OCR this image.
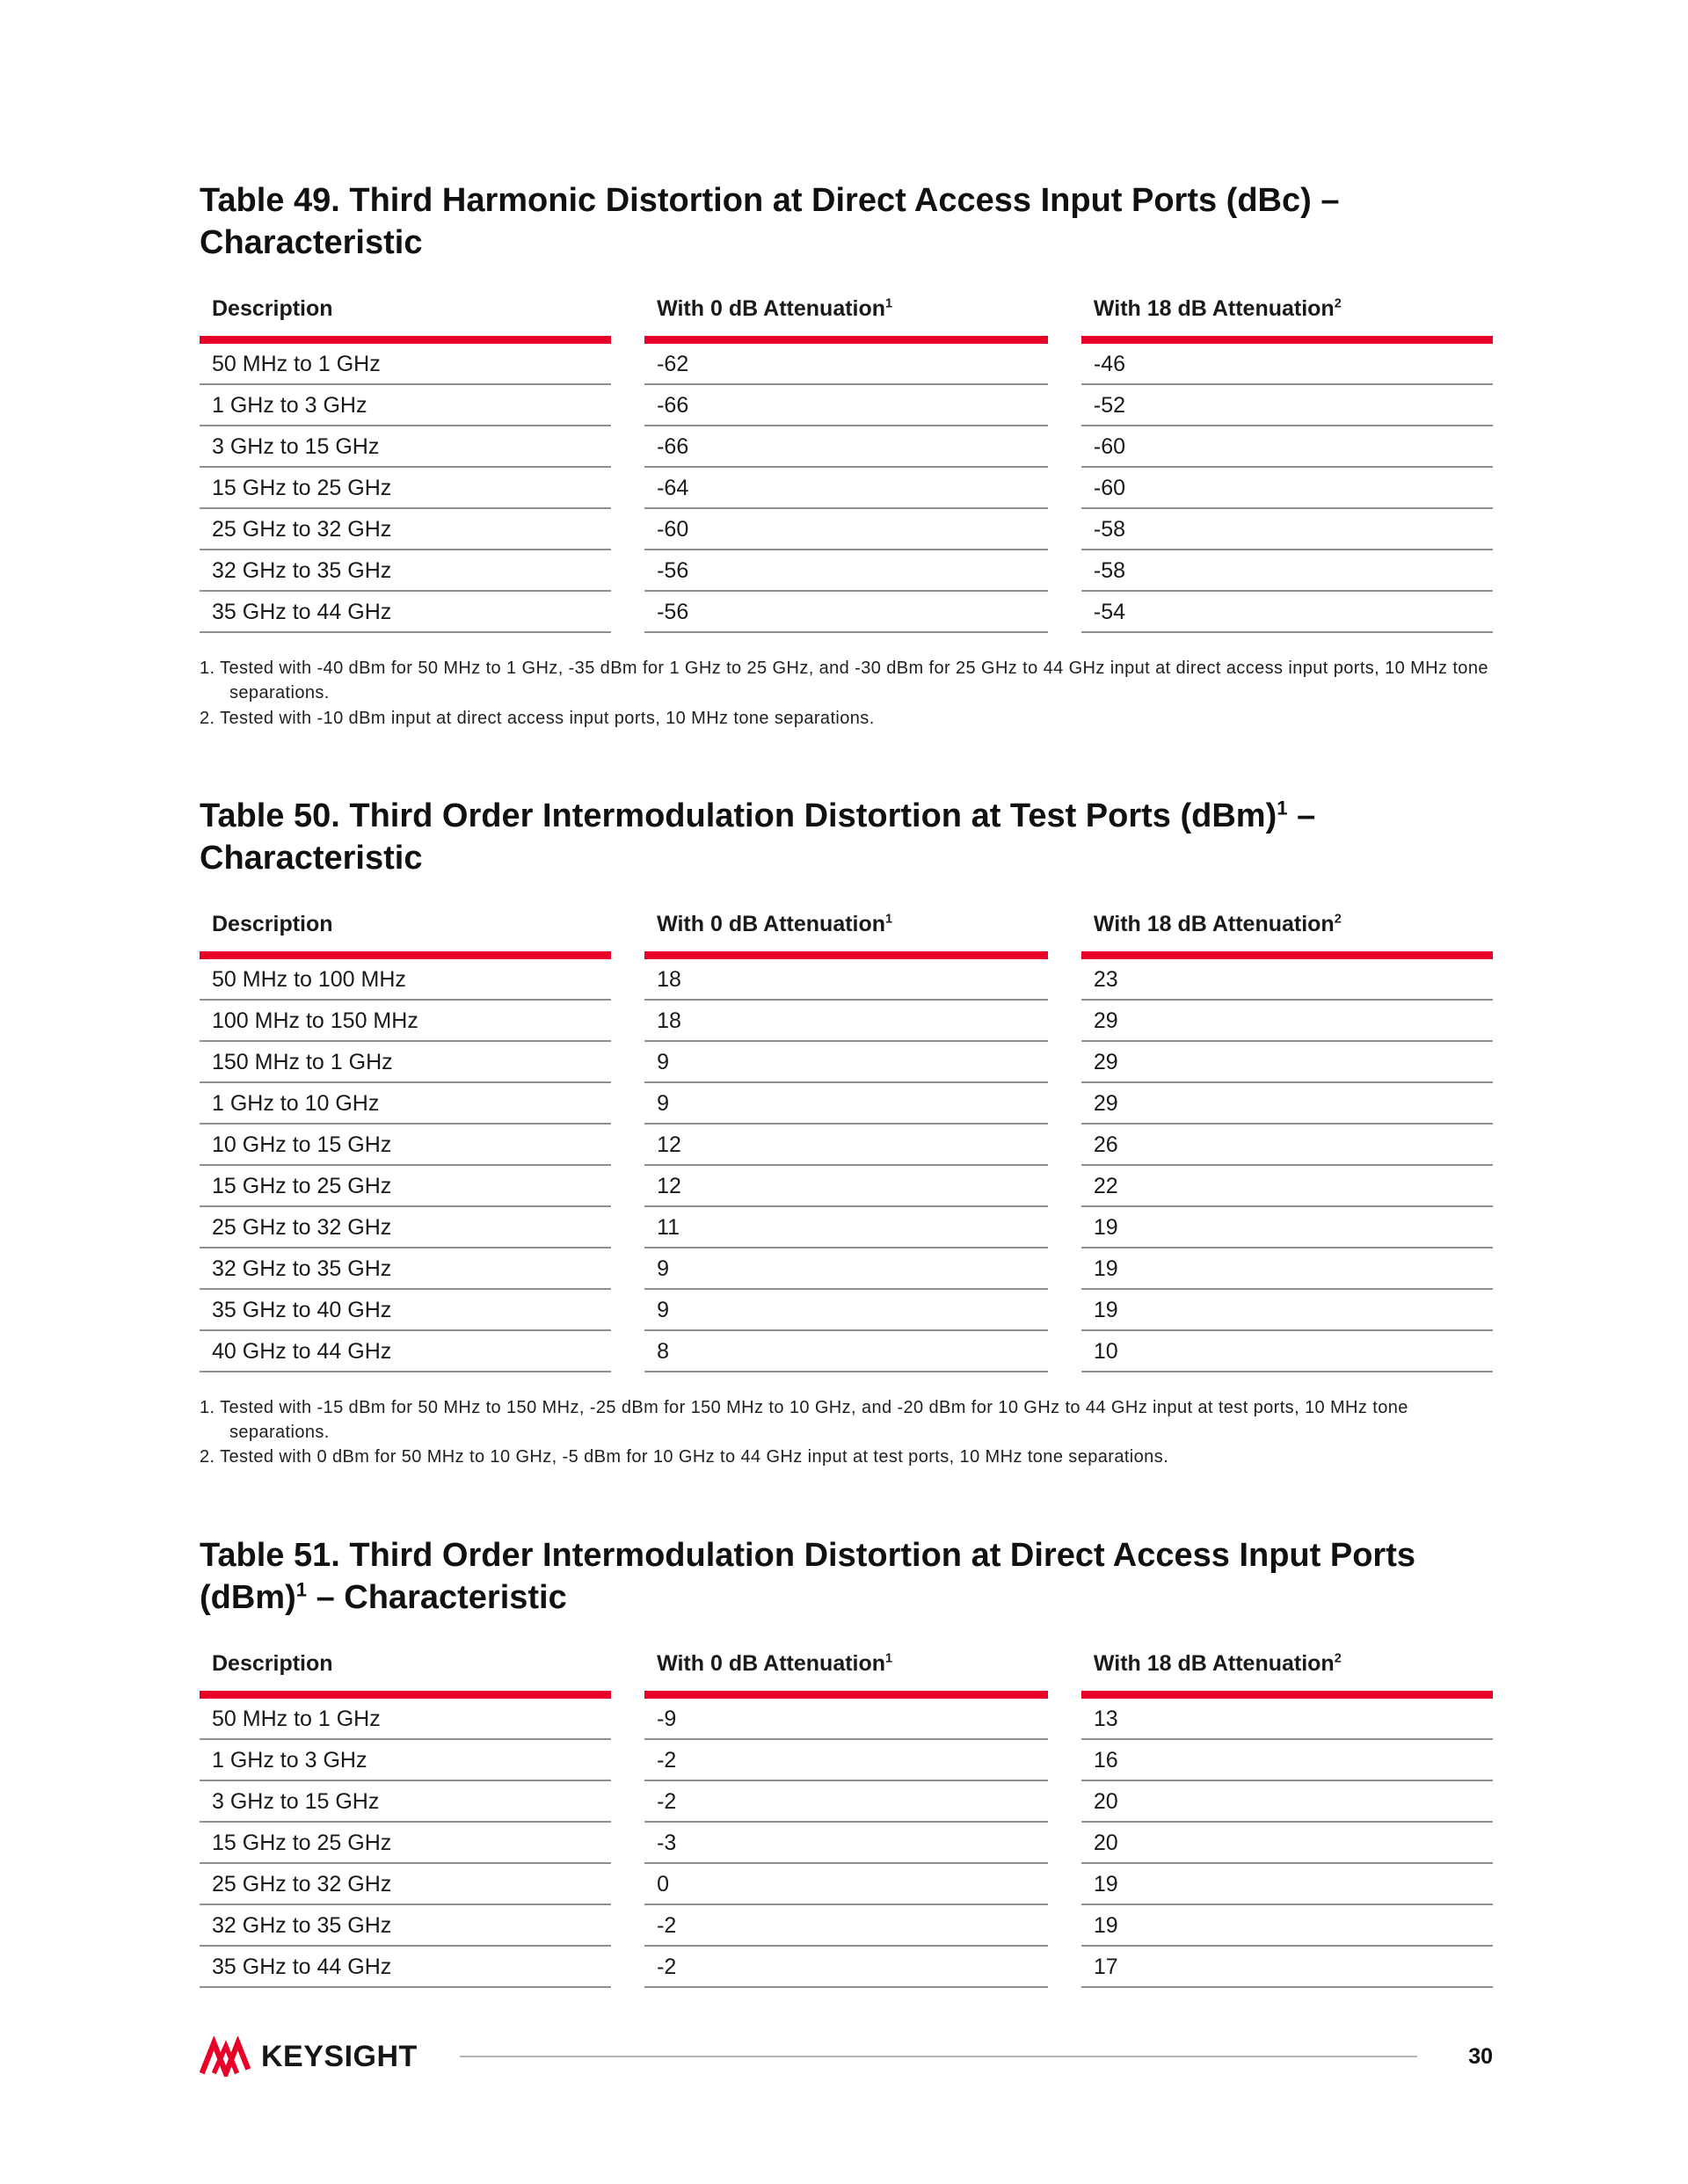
Table 49. Third Harmonic Distortion at Direct Access Input Ports (dBc) – Characteristic
Description	With 0 dB Attenuation$^1$	With 18 dB Attenuation$^2$
50 MHz to 1 GHz	-62	-46
1 GHz to 3 GHz	-66	-52
3 GHz to 15 GHz	-66	-60
15 GHz to 25 GHz	-64	-60
25 GHz to 32 GHz	-60	-58
32 GHz to 35 GHz	-56	-58
35 GHz to 44 GHz	-56	-54
1. Tested with -40 dBm for 50 MHz to 1 GHz, -35 dBm for 1 GHz to 25 GHz, and -30 dBm for 25 GHz to 44 GHz input at direct access input ports, 10 MHz tone separations.
2. Tested with -10 dBm input at direct access input ports, 10 MHz tone separations.
Table 50. Third Order Intermodulation Distortion at Test Ports (dBm)$^1$ – Characteristic
Description	With 0 dB Attenuation$^1$	With 18 dB Attenuation$^2$
50 MHz to 100 MHz	18	23
100 MHz to 150 MHz	18	29
150 MHz to 1 GHz	9	29
1 GHz to 10 GHz	9	29
10 GHz to 15 GHz	12	26
15 GHz to 25 GHz	12	22
25 GHz to 32 GHz	11	19
32 GHz to 35 GHz	9	19
35 GHz to 40 GHz	9	19
40 GHz to 44 GHz	8	10
1. Tested with -15 dBm for 50 MHz to 150 MHz, -25 dBm for 150 MHz to 10 GHz, and -20 dBm for 10 GHz to 44 GHz input at test ports, 10 MHz tone separations.
2. Tested with 0 dBm for 50 MHz to 10 GHz, -5 dBm for 10 GHz to 44 GHz input at test ports, 10 MHz tone separations.
Table 51. Third Order Intermodulation Distortion at Direct Access Input Ports (dBm)$^1$ – Characteristic
Description	With 0 dB Attenuation$^1$	With 18 dB Attenuation$^2$
50 MHz to 1 GHz	-9	13
1 GHz to 3 GHz	-2	16
3 GHz to 15 GHz	-2	20
15 GHz to 25 GHz	-3	20
25 GHz to 32 GHz	0	19
32 GHz to 35 GHz	-2	19
35 GHz to 44 GHz	-2	17
KEYSIGHT	30
